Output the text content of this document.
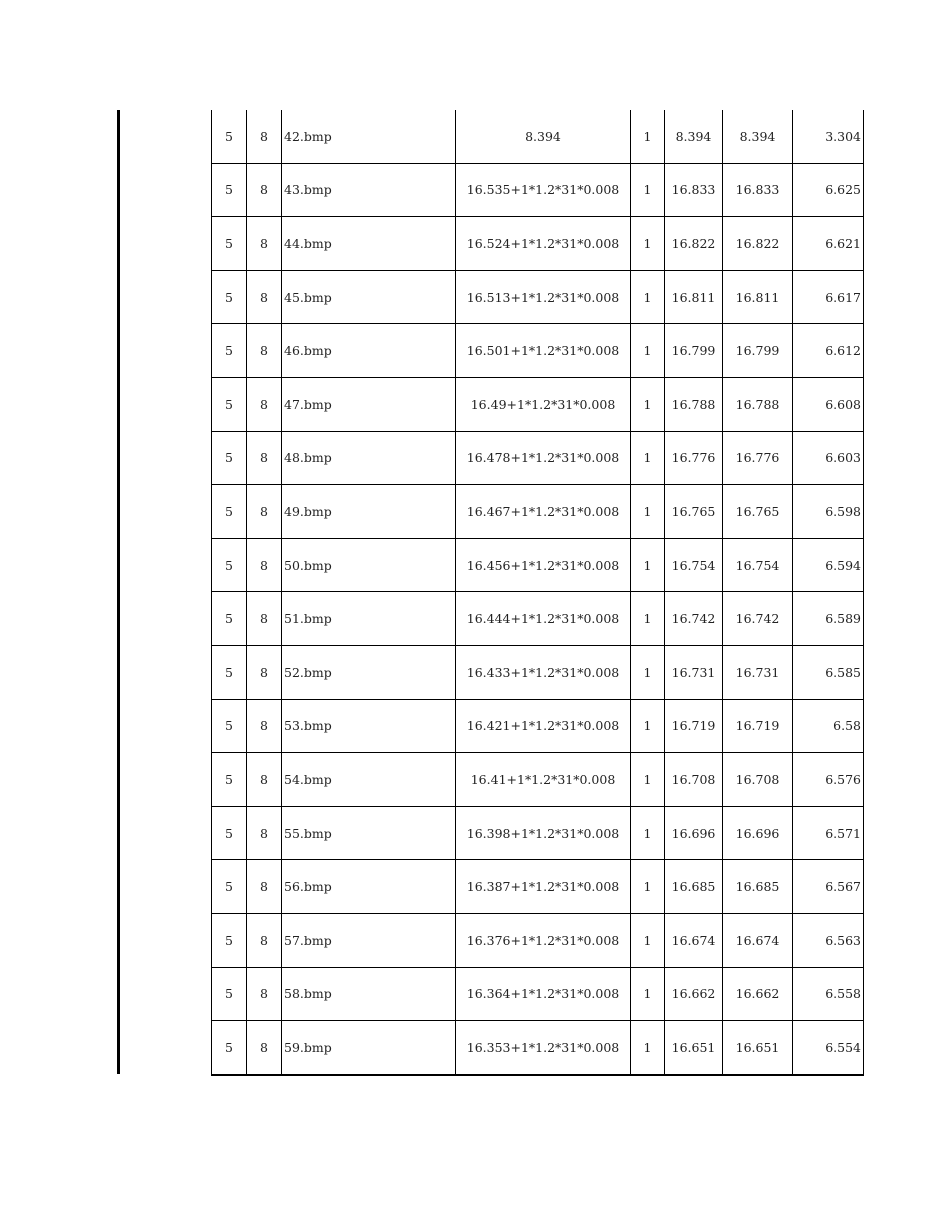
5	8	42.bmp	8.394	1	8.394	8.394	3.304
5	8	43.bmp	16.535+1*1.2*31*0.008	1	16.833	16.833	6.625
5	8	44.bmp	16.524+1*1.2*31*0.008	1	16.822	16.822	6.621
5	8	45.bmp	16.513+1*1.2*31*0.008	1	16.811	16.811	6.617
5	8	46.bmp	16.501+1*1.2*31*0.008	1	16.799	16.799	6.612
5	8	47.bmp	16.49+1*1.2*31*0.008	1	16.788	16.788	6.608
5	8	48.bmp	16.478+1*1.2*31*0.008	1	16.776	16.776	6.603
5	8	49.bmp	16.467+1*1.2*31*0.008	1	16.765	16.765	6.598
5	8	50.bmp	16.456+1*1.2*31*0.008	1	16.754	16.754	6.594
5	8	51.bmp	16.444+1*1.2*31*0.008	1	16.742	16.742	6.589
5	8	52.bmp	16.433+1*1.2*31*0.008	1	16.731	16.731	6.585
5	8	53.bmp	16.421+1*1.2*31*0.008	1	16.719	16.719	6.58
5	8	54.bmp	16.41+1*1.2*31*0.008	1	16.708	16.708	6.576
5	8	55.bmp	16.398+1*1.2*31*0.008	1	16.696	16.696	6.571
5	8	56.bmp	16.387+1*1.2*31*0.008	1	16.685	16.685	6.567
5	8	57.bmp	16.376+1*1.2*31*0.008	1	16.674	16.674	6.563
5	8	58.bmp	16.364+1*1.2*31*0.008	1	16.662	16.662	6.558
5	8	59.bmp	16.353+1*1.2*31*0.008	1	16.651	16.651	6.554
